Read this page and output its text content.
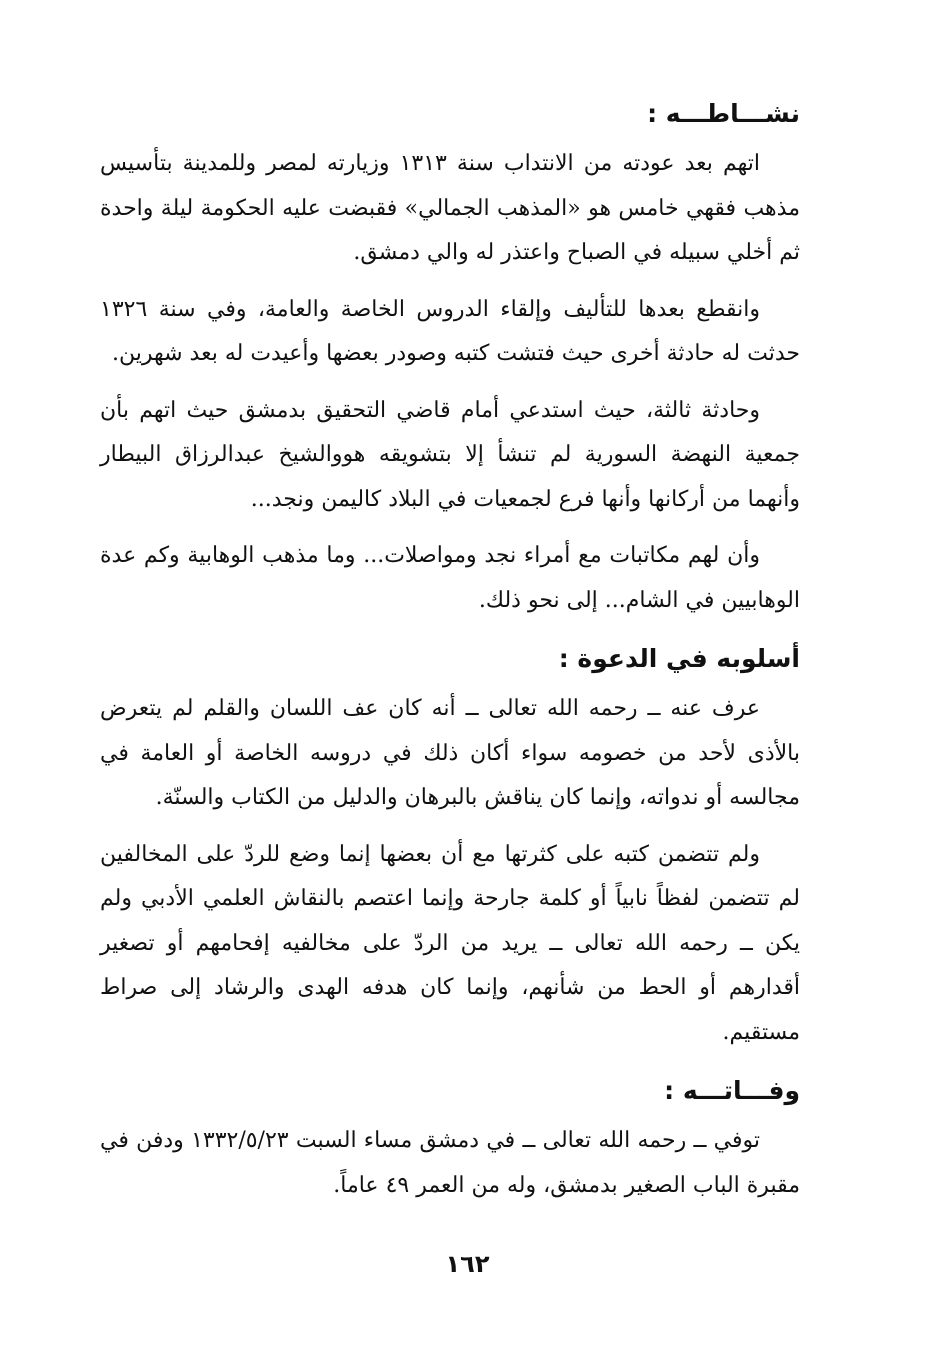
نشـــاطـــه :

اتهم بعد عودته من الانتداب سنة ١٣١٣ وزيارته لمصر وللمدينة بتأسيس مذهب فقهي خامس هو «المذهب الجمالي» فقبضت عليه الحكومة ليلة واحدة ثم أخلي سبيله في الصباح واعتذر له والي دمشق.

وانقطع بعدها للتأليف وإلقاء الدروس الخاصة والعامة، وفي سنة ١٣٢٦ حدثت له حادثة أخرى حيث فتشت كتبه وصودر بعضها وأعيدت له بعد شهرين.

وحادثة ثالثة، حيث استدعي أمام قاضي التحقيق بدمشق حيث اتهم بأن جمعية النهضة السورية لم تنشأ إلا بتشويقه هووالشيخ عبدالرزاق البيطار وأنهما من أركانها وأنها فرع لجمعيات في البلاد كاليمن ونجد...

وأن لهم مكاتبات مع أمراء نجد ومواصلات... وما مذهب الوهابية وكم عدة الوهابيين في الشام... إلى نحو ذلك.

أسلوبه في الدعوة :

عرف عنه ــ رحمه الله تعالى ــ أنه كان عف اللسان والقلم لم يتعرض بالأذى لأحد من خصومه سواء أكان ذلك في دروسه الخاصة أو العامة في مجالسه أو ندواته، وإنما كان يناقش بالبرهان والدليل من الكتاب والسنّة.

ولم تتضمن كتبه على كثرتها مع أن بعضها إنما وضع للردّ على المخالفين لم تتضمن لفظاً نابياً أو كلمة جارحة وإنما اعتصم بالنقاش العلمي الأدبي ولم يكن ــ رحمه الله تعالى ــ يريد من الردّ على مخالفيه إفحامهم أو تصغير أقدارهم أو الحط من شأنهم، وإنما كان هدفه الهدى والرشاد إلى صراط مستقيم.

وفـــاتـــه :

توفي ــ رحمه الله تعالى ــ في دمشق مساء السبت ١٣٣٢/٥/٢٣ ودفن في مقبرة الباب الصغير بدمشق، وله من العمر ٤٩ عاماً.

١٦٢
